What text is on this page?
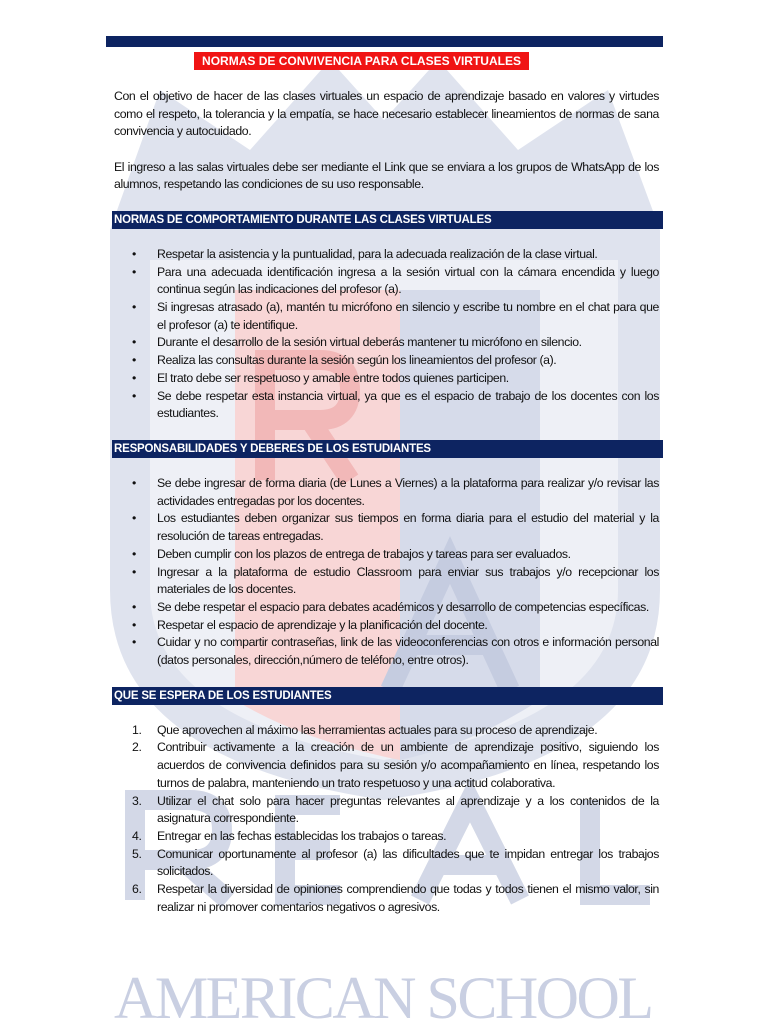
AMERICAN SCHOOL
NORMAS DE CONVIVENCIA PARA CLASES VIRTUALES

Con el objetivo de hacer de las clases virtuales un espacio de aprendizaje basado en valores y virtudes como el respeto, la tolerancia y la empatía, se hace necesario establecer lineamientos de normas de sana convivencia y autocuidado.

El ingreso a las salas virtuales debe ser mediante el Link que se enviara a los grupos de WhatsApp de los alumnos, respetando las condiciones de su uso responsable.

NORMAS DE COMPORTAMIENTO DURANTE LAS CLASES VIRTUALES
• Respetar la asistencia y la puntualidad, para la adecuada realización de la clase virtual.
• Para una adecuada identificación ingresa a la sesión virtual con la cámara encendida y luego continua según las indicaciones del profesor (a).
• Si ingresas atrasado (a), mantén tu micrófono en silencio y escribe tu nombre en el chat para que el profesor (a) te identifique.
• Durante el desarrollo de la sesión virtual deberás mantener tu micrófono en silencio.
• Realiza las consultas durante la sesión según los lineamientos del profesor (a).
• El trato debe ser respetuoso y amable entre todos quienes participen.
• Se debe respetar esta instancia virtual, ya que es el espacio de trabajo de los docentes con los estudiantes.
RESPONSABILIDADES Y DEBERES DE LOS ESTUDIANTES
• Se debe ingresar de forma diaria (de Lunes a Viernes) a la plataforma para realizar y/o revisar las actividades entregadas por los docentes.
• Los estudiantes deben organizar sus tiempos en forma diaria para el estudio del material y la resolución de tareas entregadas.
• Deben cumplir con los plazos de entrega de trabajos y tareas para ser evaluados.
• Ingresar a la plataforma de estudio Classroom para enviar sus trabajos y/o recepcionar los materiales de los docentes.
• Se debe respetar el espacio para debates académicos y desarrollo de competencias específicas.
• Respetar el espacio de aprendizaje y la planificación del docente.
• Cuidar y no compartir contraseñas, link de las videoconferencias con otros e información personal (datos personales, dirección,número de teléfono, entre otros).
QUE SE ESPERA DE LOS ESTUDIANTES
1. Que aprovechen al máximo las herramientas actuales para su proceso de aprendizaje.
2. Contribuir activamente a la creación de un ambiente de aprendizaje positivo, siguiendo los acuerdos de convivencia definidos para su sesión y/o acompañamiento en línea, respetando los turnos de palabra, manteniendo un trato respetuoso y una actitud colaborativa.
3. Utilizar el chat solo para hacer preguntas relevantes al aprendizaje y a los contenidos de la asignatura correspondiente.
4. Entregar en las fechas establecidas los trabajos o tareas.
5. Comunicar oportunamente al profesor (a) las dificultades que te impidan entregar los trabajos solicitados.
6. Respetar la diversidad de opiniones comprendiendo que todas y todos tienen el mismo valor, sin realizar ni promover comentarios negativos o agresivos.
